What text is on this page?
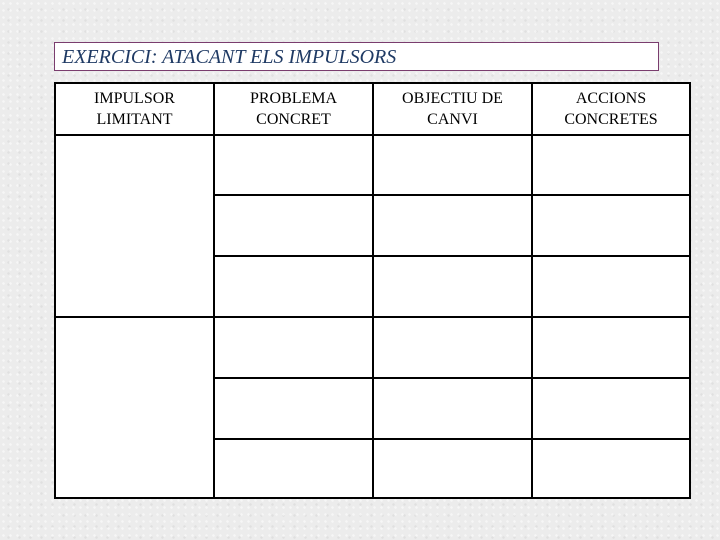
EXERCICI: ATACANT ELS IMPULSORS
IMPULSOR
LIMITANT
PROBLEMA
CONCRET
OBJECTIU DE
CANVI
ACCIONS
CONCRETES
